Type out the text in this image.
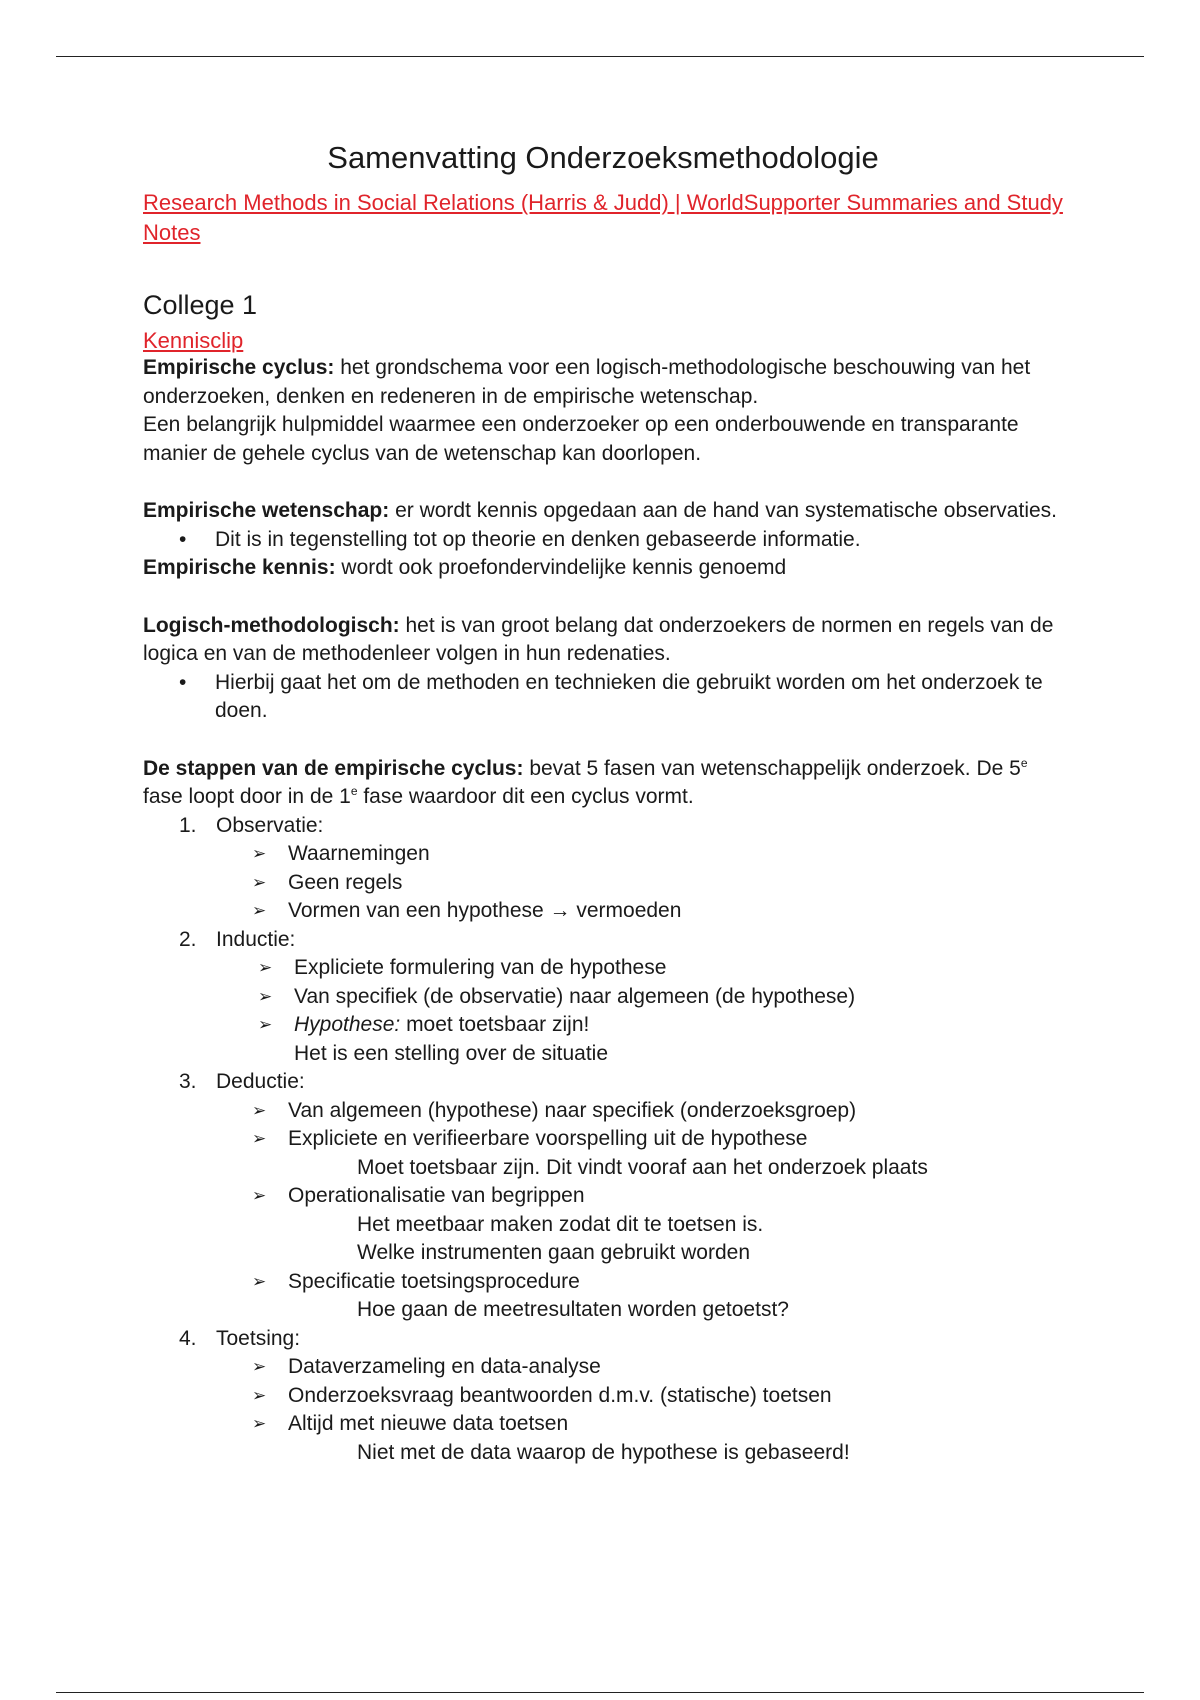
Samenvatting Onderzoeksmethodologie
Research Methods in Social Relations (Harris & Judd) | WorldSupporter Summaries and Study Notes
College 1
Kennisclip

Empirische cyclus: het grondschema voor een logisch-methodologische beschouwing van het onderzoeken, denken en redeneren in de empirische wetenschap.

Een belangrijk hulpmiddel waarmee een onderzoeker op een onderbouwende en transparante manier de gehele cyclus van de wetenschap kan doorlopen.

Empirische wetenschap: er wordt kennis opgedaan aan de hand van systematische observaties.

• Dit is in tegenstelling tot op theorie en denken gebaseerde informatie.

Empirische kennis: wordt ook proefondervindelijke kennis genoemd

Logisch-methodologisch: het is van groot belang dat onderzoekers de normen en regels van de logica en van de methodenleer volgen in hun redenaties.

• Hierbij gaat het om de methoden en technieken die gebruikt worden om het onderzoek te doen.

De stappen van de empirische cyclus: bevat 5 fasen van wetenschappelijk onderzoek. De 5e fase loopt door in de 1e fase waardoor dit een cyclus vormt.

1. Observatie:
➢ Waarnemingen
➢ Geen regels
➢ Vormen van een hypothese → vermoeden
2. Inductie:
➢ Expliciete formulering van de hypothese
➢ Van specifiek (de observatie) naar algemeen (de hypothese)
➢ Hypothese: moet toetsbaar zijn!
Het is een stelling over de situatie
3. Deductie:
➢ Van algemeen (hypothese) naar specifiek (onderzoeksgroep)
➢ Expliciete en verifieerbare voorspelling uit de hypothese
Moet toetsbaar zijn. Dit vindt vooraf aan het onderzoek plaats
➢ Operationalisatie van begrippen
Het meetbaar maken zodat dit te toetsen is.
Welke instrumenten gaan gebruikt worden
➢ Specificatie toetsingsprocedure
Hoe gaan de meetresultaten worden getoetst?
4. Toetsing:
➢ Dataverzameling en data-analyse
➢ Onderzoeksvraag beantwoorden d.m.v. (statische) toetsen
➢ Altijd met nieuwe data toetsen
Niet met de data waarop de hypothese is gebaseerd!
